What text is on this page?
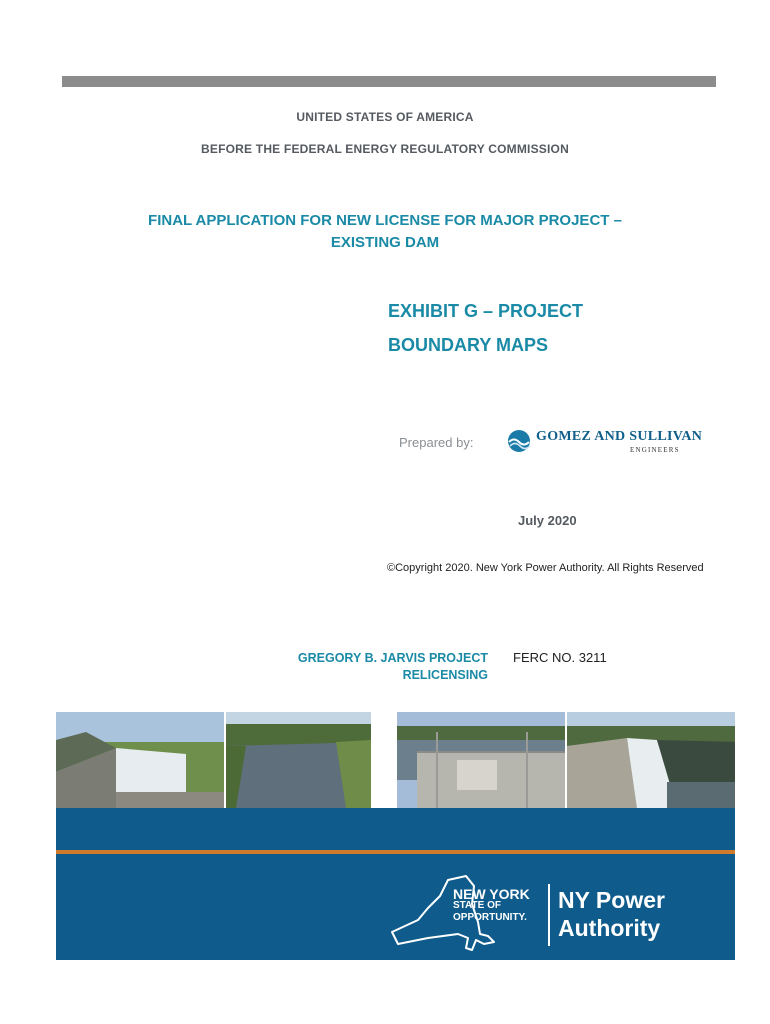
UNITED STATES OF AMERICA
BEFORE THE FEDERAL ENERGY REGULATORY COMMISSION
FINAL APPLICATION FOR NEW LICENSE FOR MAJOR PROJECT –
EXISTING DAM
EXHIBIT G – PROJECT
BOUNDARY MAPS
Prepared by:	GOMEZ AND SULLIVAN
ENGINEERS
July 2020
©Copyright 2020. New York Power Authority. All Rights Reserved
GREGORY B. JARVIS PROJECT
RELICENSING
FERC NO. 3211
NEW YORK
STATE OF
OPPORTUNITY.
NY Power
Authority
